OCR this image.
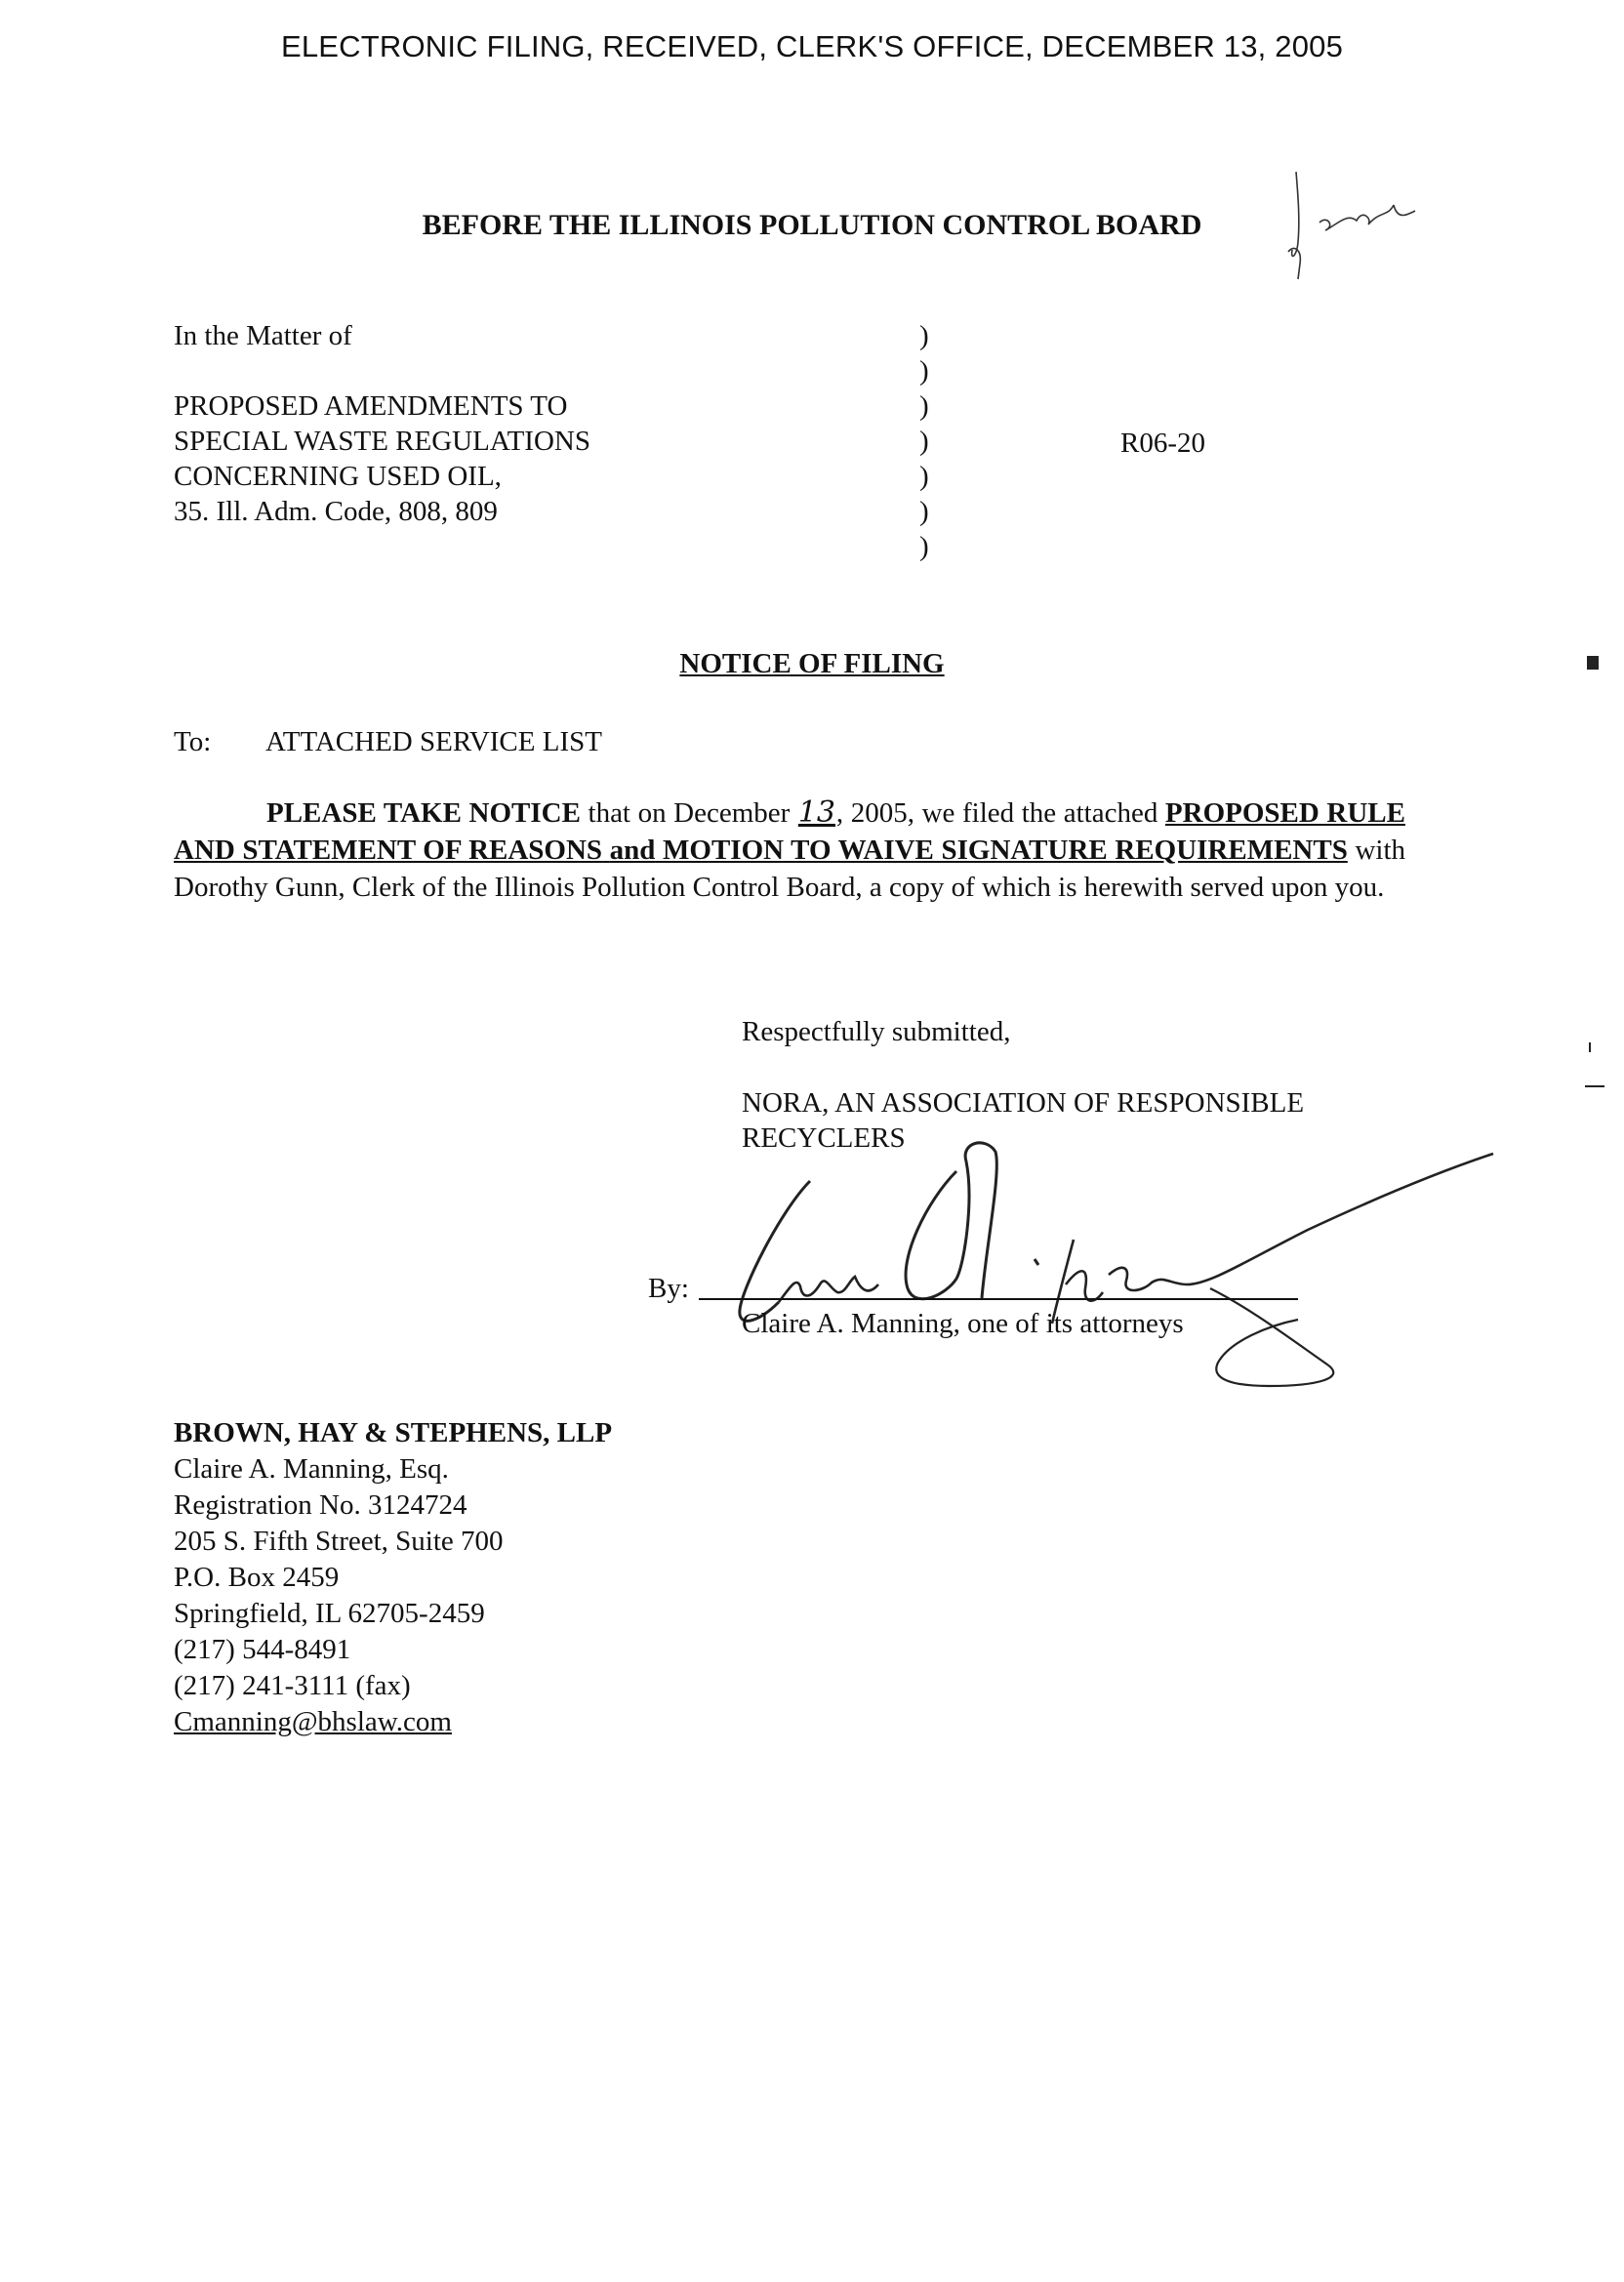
ELECTRONIC FILING, RECEIVED, CLERK'S OFFICE, DECEMBER 13, 2005
Jean
BEFORE THE ILLINOIS POLLUTION CONTROL BOARD
In the Matter of
PROPOSED AMENDMENTS TO
SPECIAL WASTE REGULATIONS
CONCERNING USED OIL,
35. Ill. Adm. Code, 808, 809
)
)
)
)
)
)
)
R06-20
NOTICE OF FILING
To: ATTACHED SERVICE LIST
PLEASE TAKE NOTICE that on December 13, 2005, we filed the attached PROPOSED RULE AND STATEMENT OF REASONS and MOTION TO WAIVE SIGNATURE REQUIREMENTS with Dorothy Gunn, Clerk of the Illinois Pollution Control Board, a copy of which is herewith served upon you.
Respectfully submitted,
NORA, AN ASSOCIATION OF RESPONSIBLE
RECYCLERS
Claire A. Manning
By:
Claire A. Manning, one of its attorneys
BROWN, HAY & STEPHENS, LLP
Claire A. Manning, Esq.
Registration No. 3124724
205 S. Fifth Street, Suite 700
P.O. Box 2459
Springfield, IL 62705-2459
(217) 544-8491
(217) 241-3111 (fax)
Cmanning@bhslaw.com
